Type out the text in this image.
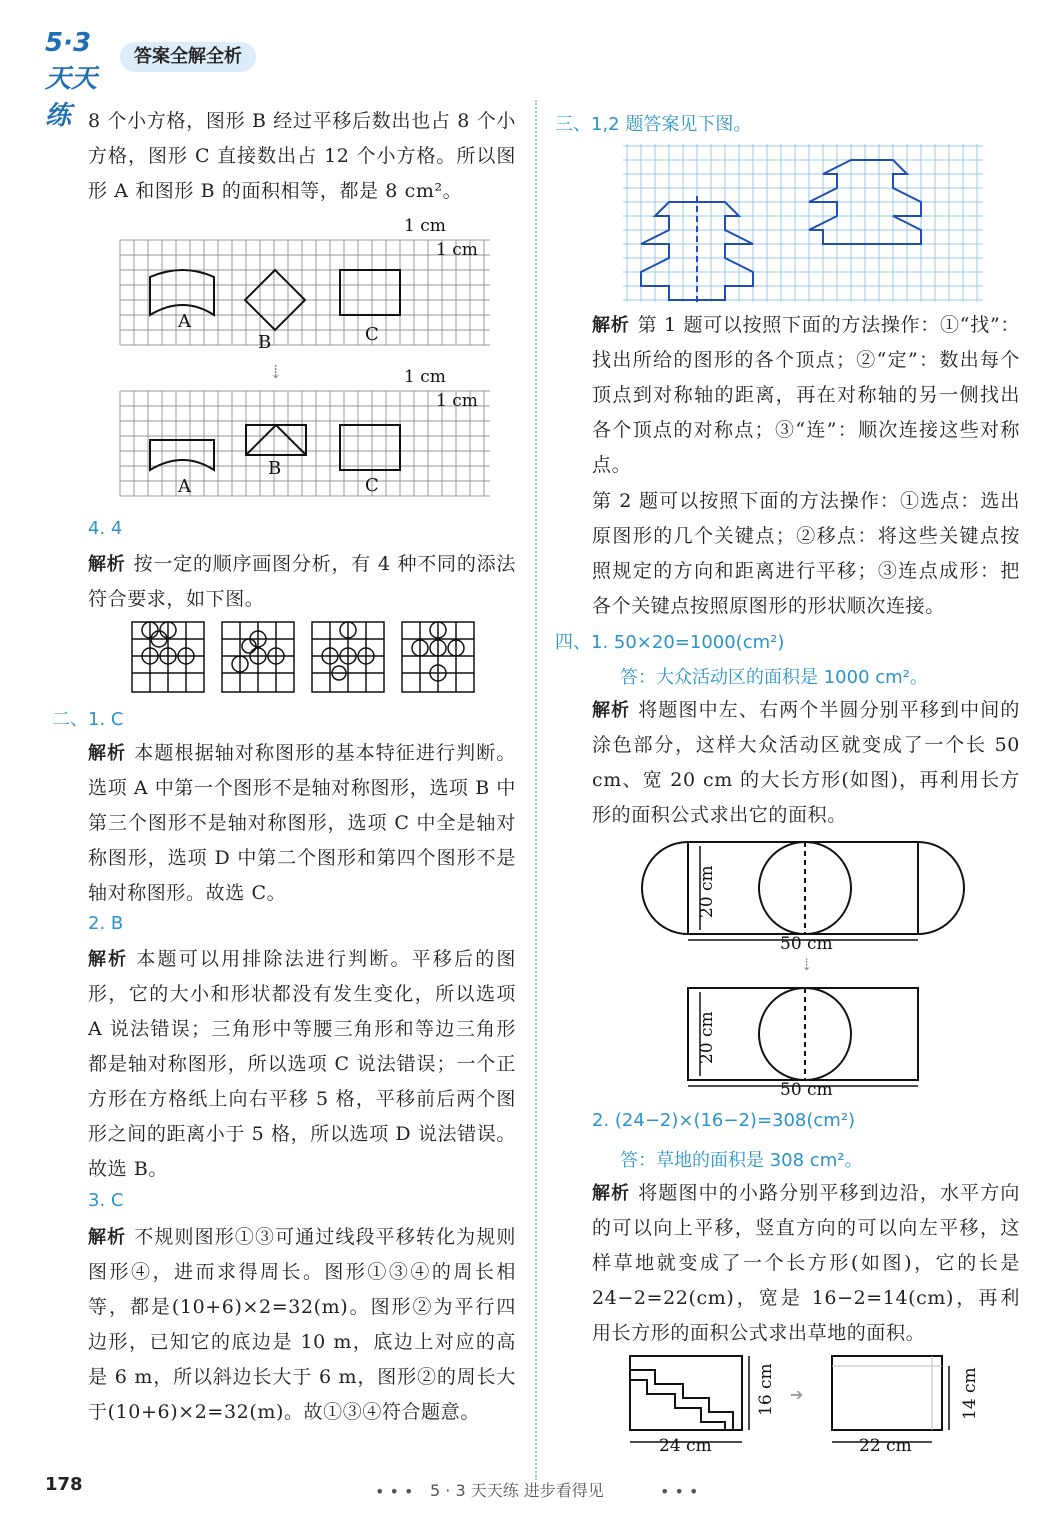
5·3天天练
答案全解全析
8 个小方格，图形 B 经过平移后数出也占 8 个小方格，图形 C 直接数出占 12 个小方格。所以图形 A 和图形 B 的面积相等，都是 8 cm²。
A
B	C
1 cm
1 cm
⇣
A
B
C
1 cm
1 cm
4. 4
解析 按一定的顺序画图分析，有 4 种不同的添法符合要求，如下图。
二、1. C
解析 本题根据轴对称图形的基本特征进行判断。选项 A 中第一个图形不是轴对称图形，选项 B 中第三个图形不是轴对称图形，选项 C 中全是轴对称图形，选项 D 中第二个图形和第四个图形不是轴对称图形。故选 C。
2. B
解析 本题可以用排除法进行判断。平移后的图形，它的大小和形状都没有发生变化，所以选项 A 说法错误；三角形中等腰三角形和等边三角形都是轴对称图形，所以选项 C 说法错误；一个正方形在方格纸上向右平移 5 格，平移前后两个图形之间的距离小于 5 格，所以选项 D 说法错误。故选 B。
3. C
解析 不规则图形①③可通过线段平移转化为规则图形④，进而求得周长。图形①③④的周长相等，都是(10+6)×2=32(m)。图形②为平行四边形，已知它的底边是 10 m，底边上对应的高是 6 m，所以斜边长大于 6 m，图形②的周长大于(10+6)×2=32(m)。故①③④符合题意。
三、1,2 题答案见下图。
解析 第 1 题可以按照下面的方法操作：①“找”：找出所给的图形的各个顶点；②“定”：数出每个顶点到对称轴的距离，再在对称轴的另一侧找出各个顶点的对称点；③“连”：顺次连接这些对称点。
第 2 题可以按照下面的方法操作：①选点：选出原图形的几个关键点；②移点：将这些关键点按照规定的方向和距离进行平移；③连点成形：把各个关键点按照原图形的形状顺次连接。
四、1. 50×20=1000(cm²)
答：大众活动区的面积是 1000 cm²。
解析 将题图中左、右两个半圆分别平移到中间的涂色部分，这样大众活动区就变成了一个长 50 cm、宽 20 cm 的大长方形(如图)，再利用长方形的面积公式求出它的面积。
20 cm
50 cm
20 cm
50 cm
⇣
2. (24−2)×(16−2)=308(cm²)
答：草地的面积是 308 cm²。
解析 将题图中的小路分别平移到边沿，水平方向的可以向上平移，竖直方向的可以向左平移，这样草地就变成了一个长方形(如图)，它的长是 24−2=22(cm)，宽是 16−2=14(cm)，再利用长方形的面积公式求出草地的面积。
16 cm
24 cm	22 cm
14 cm
➔
178	• • • 5 · 3 天天练 进步看得见	• • •
